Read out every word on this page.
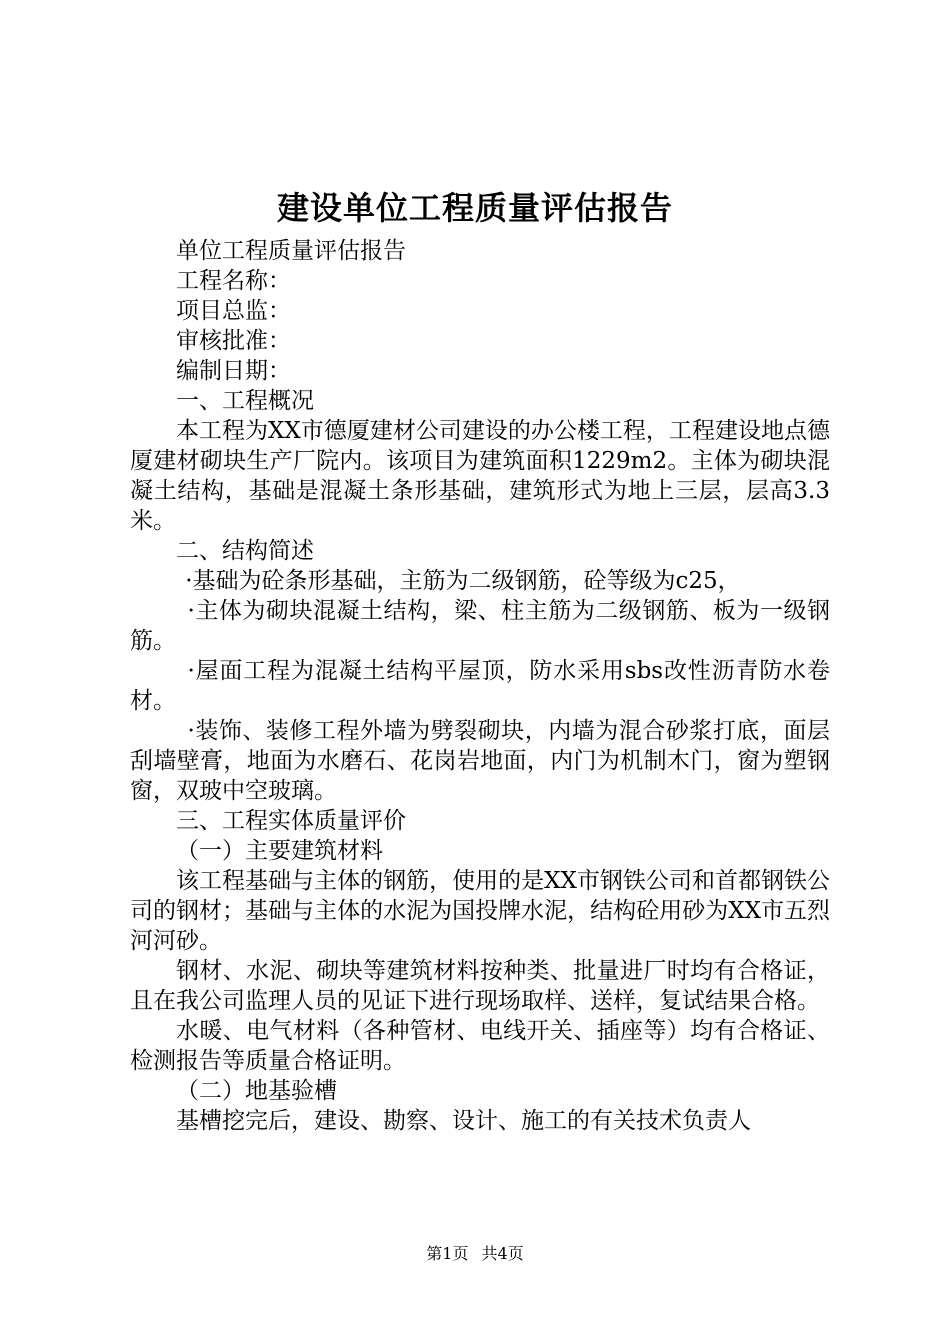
建设单位工程质量评估报告

单位工程质量评估报告

工程名称：

项目总监：

审核批准：

编制日期：

一、工程概况

本工程为XX市德厦建材公司建设的办公楼工程，工程建设地点德厦建材砌块生产厂院内。该项目为建筑面积1229m2。主体为砌块混凝土结构，基础是混凝土条形基础，建筑形式为地上三层，层高3.3米。

二、结构简述

·基础为砼条形基础，主筋为二级钢筋，砼等级为c25，

·主体为砌块混凝土结构，梁、柱主筋为二级钢筋、板为一级钢筋。

·屋面工程为混凝土结构平屋顶，防水采用sbs改性沥青防水卷材。

·装饰、装修工程外墙为劈裂砌块，内墙为混合砂浆打底，面层刮墙壁膏，地面为水磨石、花岗岩地面，内门为机制木门，窗为塑钢窗，双玻中空玻璃。

三、工程实体质量评价

（一）主要建筑材料

该工程基础与主体的钢筋，使用的是XX市钢铁公司和首都钢铁公司的钢材；基础与主体的水泥为国投牌水泥，结构砼用砂为XX市五烈河河砂。

钢材、水泥、砌块等建筑材料按种类、批量进厂时均有合格证，且在我公司监理人员的见证下进行现场取样、送样，复试结果合格。

水暖、电气材料（各种管材、电线开关、插座等）均有合格证、检测报告等质量合格证明。

（二）地基验槽

基槽挖完后，建设、勘察、设计、施工的有关技术负责人

第1页 共4页
